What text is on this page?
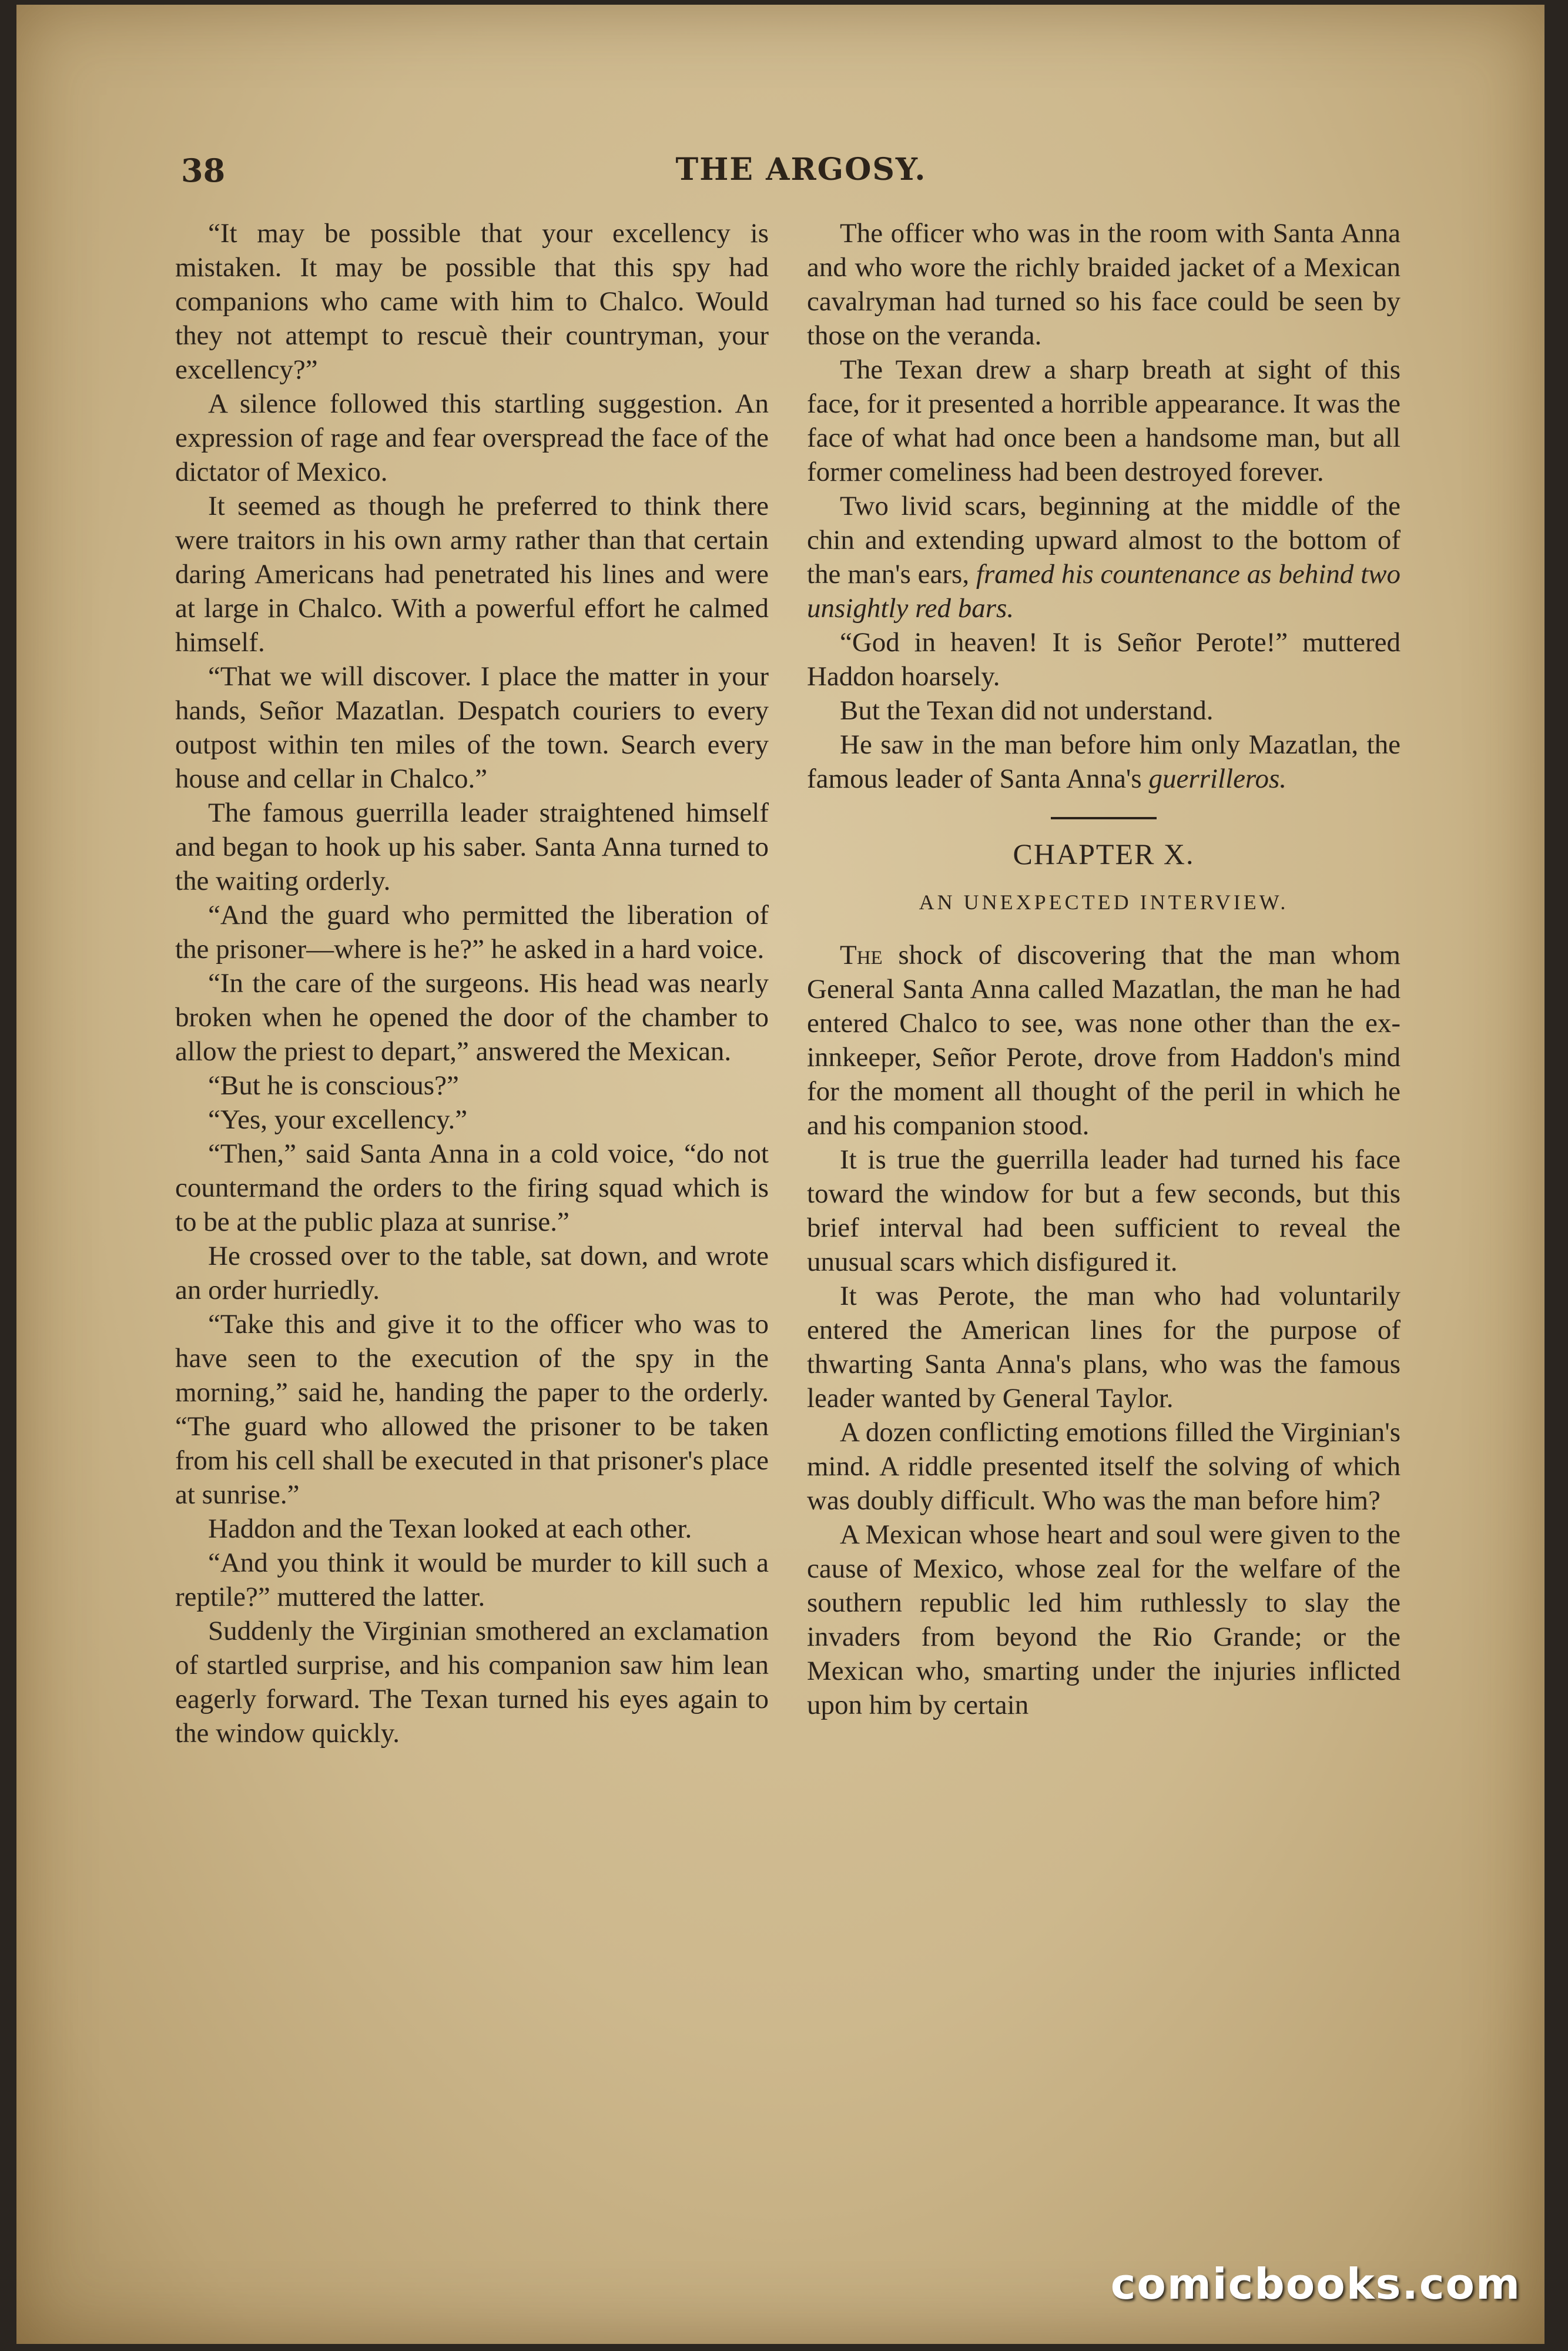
38	THE ARGOSY.

“It may be possible that your excellency is mistaken. It may be possible that this spy had companions who came with him to Chalco. Would they not attempt to rescuè their countryman, your excellency?”

A silence followed this startling suggestion. An expression of rage and fear overspread the face of the dictator of Mexico.

It seemed as though he preferred to think there were traitors in his own army rather than that certain daring Americans had penetrated his lines and were at large in Chalco. With a powerful effort he calmed himself.

“That we will discover. I place the matter in your hands, Señor Mazatlan. Despatch couriers to every outpost within ten miles of the town. Search every house and cellar in Chalco.”

The famous guerrilla leader straightened himself and began to hook up his saber. Santa Anna turned to the waiting orderly.

“And the guard who permitted the liberation of the prisoner—where is he?” he asked in a hard voice.

“In the care of the surgeons. His head was nearly broken when he opened the door of the chamber to allow the priest to depart,” answered the Mexican.

“But he is conscious?”

“Yes, your excellency.”

“Then,” said Santa Anna in a cold voice, “do not countermand the orders to the firing squad which is to be at the public plaza at sunrise.”

He crossed over to the table, sat down, and wrote an order hurriedly.

“Take this and give it to the officer who was to have seen to the execution of the spy in the morning,” said he, handing the paper to the orderly. “The guard who allowed the prisoner to be taken from his cell shall be executed in that prisoner's place at sunrise.”

Haddon and the Texan looked at each other.

“And you think it would be murder to kill such a reptile?” muttered the latter.

Suddenly the Virginian smothered an exclamation of startled surprise, and his companion saw him lean eagerly forward. The Texan turned his eyes again to the window quickly.

The officer who was in the room with Santa Anna and who wore the richly braided jacket of a Mexican cavalryman had turned so his face could be seen by those on the veranda.

The Texan drew a sharp breath at sight of this face, for it presented a horrible appearance. It was the face of what had once been a handsome man, but all former comeliness had been destroyed forever.

Two livid scars, beginning at the middle of the chin and extending upward almost to the bottom of the man's ears, framed his countenance as behind two unsightly red bars.

“God in heaven! It is Señor Perote!” muttered Haddon hoarsely.

But the Texan did not understand.

He saw in the man before him only Mazatlan, the famous leader of Santa Anna's guerrilleros.

CHAPTER X.
AN UNEXPECTED INTERVIEW.

The shock of discovering that the man whom General Santa Anna called Mazatlan, the man he had entered Chalco to see, was none other than the ex-innkeeper, Señor Perote, drove from Haddon's mind for the moment all thought of the peril in which he and his companion stood.

It is true the guerrilla leader had turned his face toward the window for but a few seconds, but this brief interval had been sufficient to reveal the unusual scars which disfigured it.

It was Perote, the man who had voluntarily entered the American lines for the purpose of thwarting Santa Anna's plans, who was the famous leader wanted by General Taylor.

A dozen conflicting emotions filled the Virginian's mind. A riddle presented itself the solving of which was doubly difficult. Who was the man before him?

A Mexican whose heart and soul were given to the cause of Mexico, whose zeal for the welfare of the southern republic led him ruthlessly to slay the invaders from beyond the Rio Grande; or the Mexican who, smarting under the injuries inflicted upon him by certain

comicbooks.com
